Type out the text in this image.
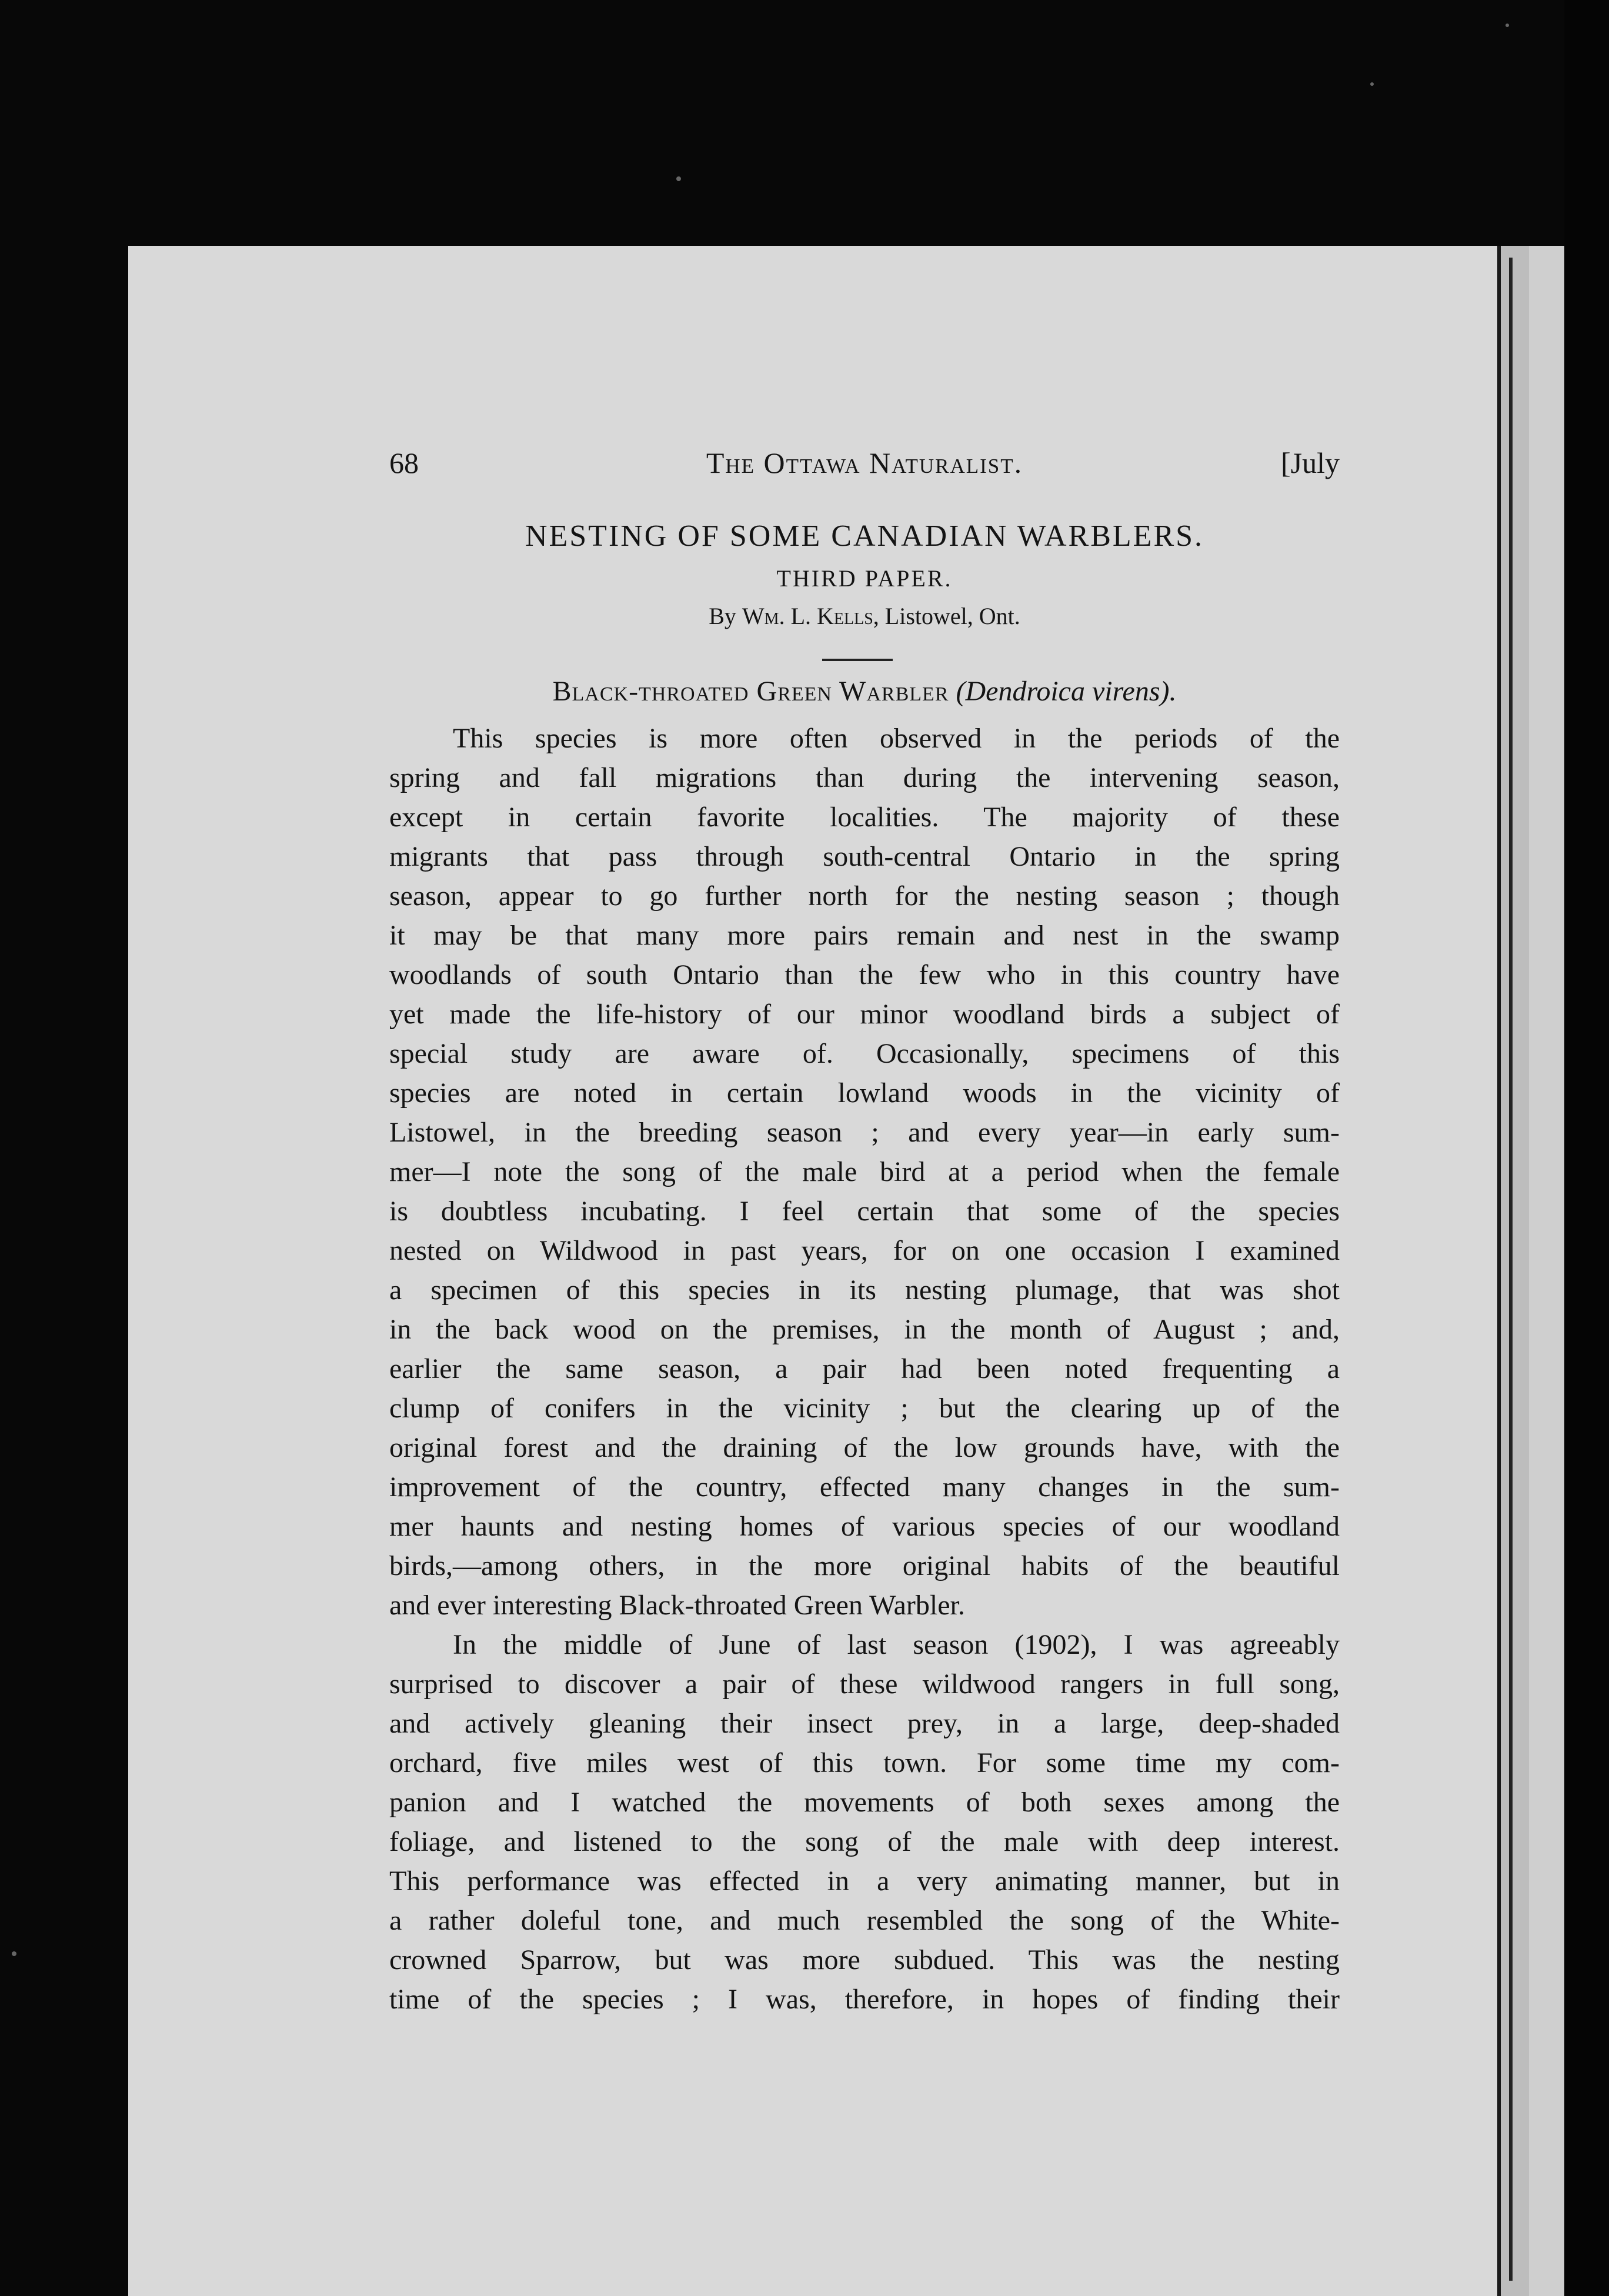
68	The Ottawa Naturalist.	[July
NESTING OF SOME CANADIAN WARBLERS.
THIRD PAPER.
By Wm. L. Kells, Listowel, Ont.
Black-throated Green Warbler (Dendroica virens).
This species is more often observed in the periods of the
spring and fall migrations than during the intervening season,
except in certain favorite localities. The majority of these
migrants that pass through south-central Ontario in the spring
season, appear to go further north for the nesting season ; though
it may be that many more pairs remain and nest in the swamp
woodlands of south Ontario than the few who in this country have
yet made the life-history of our minor woodland birds a subject of
special study are aware of. Occasionally, specimens of this
species are noted in certain lowland woods in the vicinity of
Listowel, in the breeding season ; and every year—in early sum-
mer—I note the song of the male bird at a period when the female
is doubtless incubating. I feel certain that some of the species
nested on Wildwood in past years, for on one occasion I examined
a specimen of this species in its nesting plumage, that was shot
in the back wood on the premises, in the month of August ; and,
earlier the same season, a pair had been noted frequenting a
clump of conifers in the vicinity ; but the clearing up of the
original forest and the draining of the low grounds have, with the
improvement of the country, effected many changes in the sum-
mer haunts and nesting homes of various species of our woodland
birds,—among others, in the more original habits of the beautiful
and ever interesting Black-throated Green Warbler.
In the middle of June of last season (1902), I was agreeably
surprised to discover a pair of these wildwood rangers in full song,
and actively gleaning their insect prey, in a large, deep-shaded
orchard, five miles west of this town. For some time my com-
panion and I watched the movements of both sexes among the
foliage, and listened to the song of the male with deep interest.
This performance was effected in a very animating manner, but in
a rather doleful tone, and much resembled the song of the White-
crowned Sparrow, but was more subdued. This was the nesting
time of the species ; I was, therefore, in hopes of finding their
